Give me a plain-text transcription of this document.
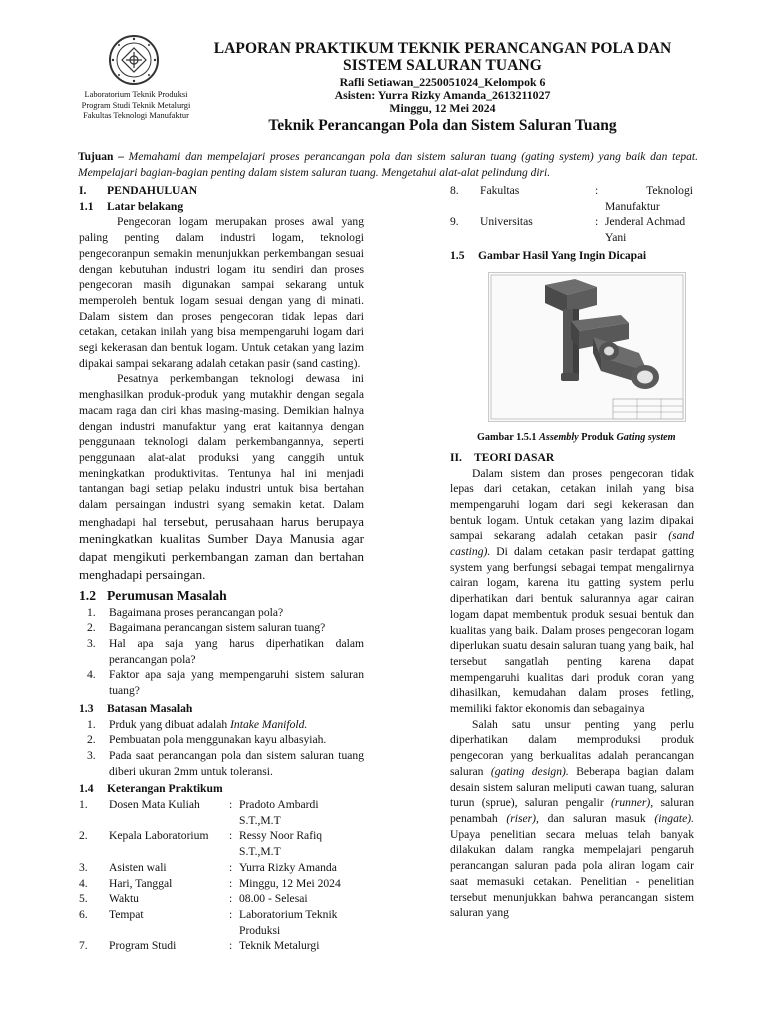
Laboratorium Teknik Produksi
Program Studi Teknik Metalurgi
Fakultas Teknologi Manufaktur
LAPORAN PRAKTIKUM TEKNIK PERANCANGAN POLA DAN
SISTEM SALURAN TUANG
Rafli Setiawan_2250051024_Kelompok 6
Asisten: Yurra Rizky Amanda_2613211027
Minggu, 12 Mei 2024
Teknik Perancangan Pola dan Sistem Saluran Tuang
Tujuan – Memahami dan mempelajari proses perancangan pola dan sistem saluran tuang (gating system) yang baik dan tepat. Mempelajari bagian-bagian penting dalam sistem saluran tuang. Mengetahui alat-alat pelindung diri.
I.	PENDAHULUAN
1.1	Latar belakang

Pengecoran logam merupakan proses awal yang paling penting dalam industri logam, teknologi pengecoranpun semakin menunjukkan perkembangan sesuai dengan kebutuhan industri logam itu sendiri dan proses pengecoran masih digunakan sampai sekarang untuk memperoleh bentuk logam sesuai dengan yang di minati. Dalam sistem dan proses pengecoran tidak lepas dari cetakan, cetakan inilah yang bisa mempengaruhi logam dari segi kekerasan dan bentuk logam. Untuk cetakan yang lazim dipakai sampai sekarang adalah cetakan pasir (sand casting).

Pesatnya perkembangan teknologi dewasa ini menghasilkan produk-produk yang mutakhir dengan segala macam raga dan ciri khas masing-masing. Demikian halnya dengan industri manufaktur yang erat kaitannya dengan penggunaan teknologi dalam perkembangannya, seperti penggunaan alat-alat produksi yang canggih untuk meningkatkan produktivitas. Tentunya hal ini menjadi tantangan bagi setiap pelaku industri untuk bisa bertahan dalam persaingan industri syang semakin ketat. Dalam menghadapi hal tersebut, perusahaan harus berupaya meningkatkan kualitas Sumber Daya Manusia agar dapat mengikuti perkembangan zaman dan bertahan menghadapi persaingan.

1.2 Perumusan Masalah
1.	Bagaimana proses perancangan pola?
2.	Bagaimana perancangan sistem saluran tuang?
3.	Hal apa saja yang harus diperhatikan dalam perancangan pola?
4.	Faktor apa saja yang mempengaruhi sistem saluran tuang?
1.3	Batasan Masalah
1.	Prduk yang dibuat adalah Intake Manifold.
2.	Pembuatan pola menggunakan kayu albasyiah.
3.	Pada saat perancangan pola dan sistem saluran tuang diberi ukuran 2mm untuk toleransi.
1.4	Keterangan Praktikum
1.	Dosen Mata Kuliah	: Pradoto Ambardi
S.T.,M.T
2.	Kepala Laboratorium	: Ressy Noor Rafiq
S.T.,M.T
3.	Asisten wali	: Yurra Rizky Amanda
4.	Hari, Tanggal	: Minggu, 12 Mei 2024
5.	Waktu	: 08.00 - Selesai
6.	Tempat	: Laboratorium Teknik
Produksi
7.	Program Studi	: Teknik Metalurgi
8.	Fakultas	:	Teknologi
Manufaktur
9.	Universitas	: Jenderal Achmad
Yani
1.5	Gambar Hasil Yang Ingin Dicapai
Gambar 1.5.1 Assembly Produk Gating system
II.	TEORI DASAR

Dalam sistem dan proses pengecoran tidak lepas dari cetakan, cetakan inilah yang bisa mempengaruhi logam dari segi kekerasan dan bentuk logam. Untuk cetakan yang lazim dipakai sampai sekarang adalah cetakan pasir (sand casting). Di dalam cetakan pasir terdapat gatting system yang berfungsi sebagai tempat mengalirnya cairan logam, karena itu gatting system perlu diperhatikan dari bentuk salurannya agar cairan logam dapat membentuk produk sesuai bentuk dan kualitas yang baik. Dalam proses pengecoran logam diperlukan suatu desain saluran tuang yang baik, hal tersebut sangatlah penting karena dapat mempengaruhi kualitas dari produk coran yang dihasilkan, kemudahan dalam proses fetling, memiliki faktor ekonomis dan sebagainya

Salah satu unsur penting yang perlu diperhatikan dalam memproduksi produk pengecoran yang berkualitas adalah perancangan saluran (gating design). Beberapa bagian dalam desain sistem saluran meliputi cawan tuang, saluran turun (sprue), saluran pengalir (runner), saluran penambah (riser), dan saluran masuk (ingate). Upaya penelitian secara meluas telah banyak dilakukan dalam rangka mempelajari pengaruh perancangan saluran pada pola aliran logam cair saat memasuki cetakan. Penelitian - penelitian tersebut menunjukkan bahwa perancangan sistem saluran yang
